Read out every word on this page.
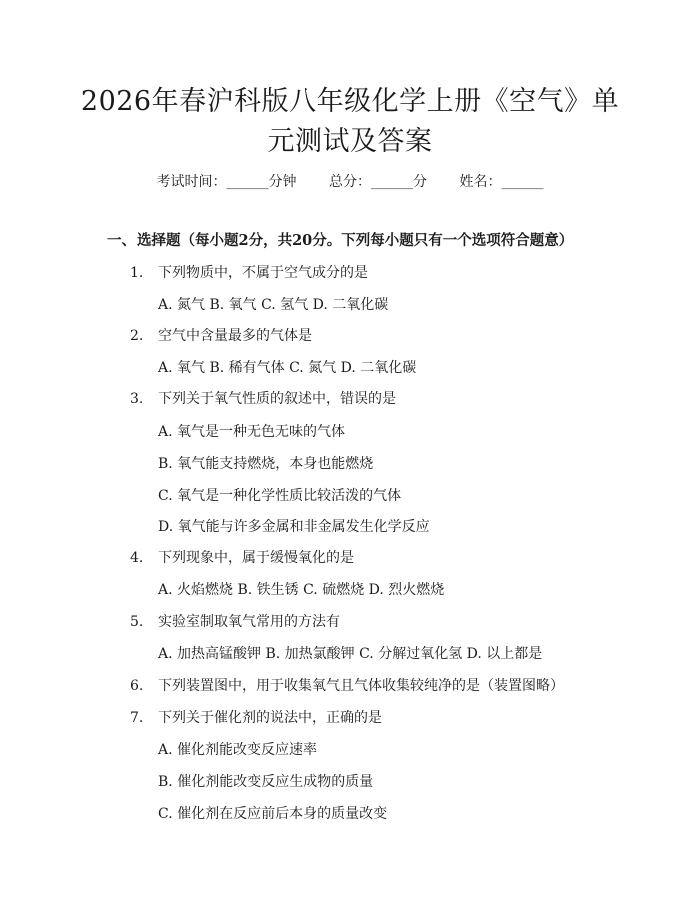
2026年春沪科版八年级化学上册《空气》单
元测试及答案
考试时间：______分钟 总分：______分 姓名：______
一、选择题（每小题2分，共20分。下列每小题只有一个选项符合题意）
1. 下列物质中，不属于空气成分的是
A. 氮气 B. 氧气 C. 氢气 D. 二氧化碳
2. 空气中含量最多的气体是
A. 氧气 B. 稀有气体 C. 氮气 D. 二氧化碳
3. 下列关于氧气性质的叙述中，错误的是
A. 氧气是一种无色无味的气体
B. 氧气能支持燃烧，本身也能燃烧
C. 氧气是一种化学性质比较活泼的气体
D. 氧气能与许多金属和非金属发生化学反应
4. 下列现象中，属于缓慢氧化的是
A. 火焰燃烧 B. 铁生锈 C. 硫燃烧 D. 烈火燃烧
5. 实验室制取氧气常用的方法有
A. 加热高锰酸钾 B. 加热氯酸钾 C. 分解过氧化氢 D. 以上都是
6. 下列装置图中，用于收集氧气且气体收集较纯净的是（装置图略）
7. 下列关于催化剂的说法中，正确的是
A. 催化剂能改变反应速率
B. 催化剂能改变反应生成物的质量
C. 催化剂在反应前后本身的质量改变
